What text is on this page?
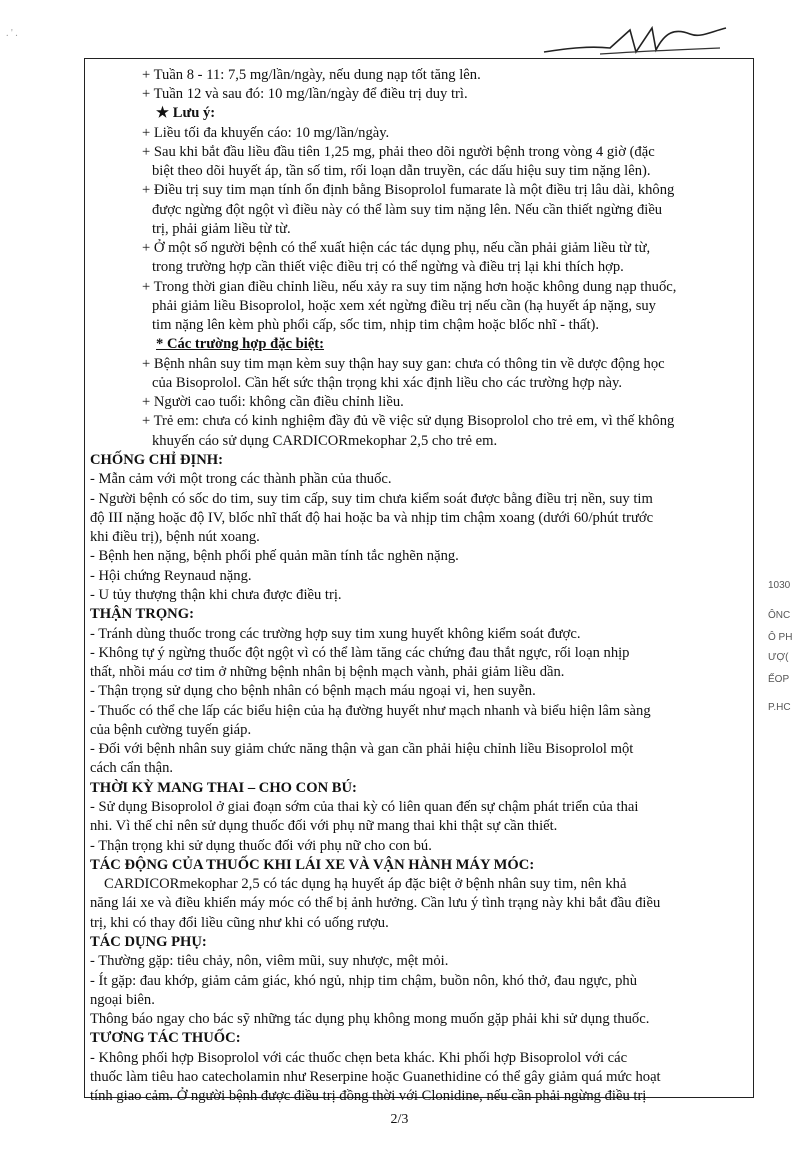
. ' .
+ Tuần 8 - 11: 7,5 mg/lần/ngày, nếu dung nạp tốt tăng lên.
+ Tuần 12 và sau đó: 10 mg/lần/ngày để điều trị duy trì.
★ Lưu ý:
+ Liều tối đa khuyến cáo: 10 mg/lần/ngày.
+ Sau khi bắt đầu liều đầu tiên 1,25 mg, phải theo dõi người bệnh trong vòng 4 giờ (đặc
biệt theo dõi huyết áp, tần số tim, rối loạn dẫn truyền, các dấu hiệu suy tim nặng lên).
+ Điều trị suy tim mạn tính ổn định bằng Bisoprolol fumarate là một điều trị lâu dài, không
được ngừng đột ngột vì điều này có thể làm suy tim nặng lên. Nếu cần thiết ngừng điều
trị, phải giảm liều từ từ.
+ Ở một số người bệnh có thể xuất hiện các tác dụng phụ, nếu cần phải giảm liều từ từ,
trong trường hợp cần thiết việc điều trị có thể ngừng và điều trị lại khi thích hợp.
+ Trong thời gian điều chỉnh liều, nếu xảy ra suy tim nặng hơn hoặc không dung nạp thuốc,
phải giảm liều Bisoprolol, hoặc xem xét ngừng điều trị nếu cần (hạ huyết áp nặng, suy
tim nặng lên kèm phù phổi cấp, sốc tim, nhịp tim chậm hoặc blốc nhĩ - thất).
* Các trường hợp đặc biệt:
+ Bệnh nhân suy tim mạn kèm suy thận hay suy gan: chưa có thông tin về dược động học
của Bisoprolol. Cần hết sức thận trọng khi xác định liều cho các trường hợp này.
+ Người cao tuổi: không cần điều chỉnh liều.
+ Trẻ em: chưa có kinh nghiệm đầy đủ về việc sử dụng Bisoprolol cho trẻ em, vì thế không
khuyến cáo sử dụng CARDICORmekophar 2,5 cho trẻ em.
CHỐNG CHỈ ĐỊNH:
- Mẫn cảm với một trong các thành phần của thuốc.
- Người bệnh có sốc do tim, suy tim cấp, suy tim chưa kiểm soát được bằng điều trị nền, suy tim
độ III nặng hoặc độ IV, blốc nhĩ thất độ hai hoặc ba và nhịp tim chậm xoang (dưới 60/phút trước
khi điều trị), bệnh nút xoang.
- Bệnh hen nặng, bệnh phổi phế quản mãn tính tắc nghẽn nặng.
- Hội chứng Reynaud nặng.
- U tủy thượng thận khi chưa được điều trị.
THẬN TRỌNG:
- Tránh dùng thuốc trong các trường hợp suy tim xung huyết không kiểm soát được.
- Không tự ý ngừng thuốc đột ngột vì có thể làm tăng các chứng đau thắt ngực, rối loạn nhịp
thất, nhồi máu cơ tim ở những bệnh nhân bị bệnh mạch vành, phải giảm liều dần.
- Thận trọng sử dụng cho bệnh nhân có bệnh mạch máu ngoại vi, hen suyễn.
- Thuốc có thể che lấp các biểu hiện của hạ đường huyết như mạch nhanh và biểu hiện lâm sàng
của bệnh cường tuyến giáp.
- Đối với bệnh nhân suy giảm chức năng thận và gan cần phải hiệu chỉnh liều Bisoprolol một
cách cẩn thận.
THỜI KỲ MANG THAI – CHO CON BÚ:
- Sử dụng Bisoprolol ở giai đoạn sớm của thai kỳ có liên quan đến sự chậm phát triển của thai
nhi. Vì thế chỉ nên sử dụng thuốc đối với phụ nữ mang thai khi thật sự cần thiết.
- Thận trọng khi sử dụng thuốc đối với phụ nữ cho con bú.
TÁC ĐỘNG CỦA THUỐC KHI LÁI XE VÀ VẬN HÀNH MÁY MÓC:
CARDICORmekophar 2,5 có tác dụng hạ huyết áp đặc biệt ở bệnh nhân suy tim, nên khả
năng lái xe và điều khiển máy móc có thể bị ảnh hưởng. Cần lưu ý tình trạng này khi bắt đầu điều
trị, khi có thay đổi liều cũng như khi có uống rượu.
TÁC DỤNG PHỤ:
- Thường gặp: tiêu chảy, nôn, viêm mũi, suy nhược, mệt mỏi.
- Ít gặp: đau khớp, giảm cảm giác, khó ngủ, nhịp tim chậm, buồn nôn, khó thở, đau ngực, phù
ngoại biên.
Thông báo ngay cho bác sỹ những tác dụng phụ không mong muốn gặp phải khi sử dụng thuốc.
TƯƠNG TÁC THUỐC:
- Không phối hợp Bisoprolol với các thuốc chẹn beta khác. Khi phối hợp Bisoprolol với các
thuốc làm tiêu hao catecholamin như Reserpine hoặc Guanethidine có thể gây giảm quá mức hoạt
tính giao cảm. Ở người bệnh được điều trị đồng thời với Clonidine, nếu cần phải ngừng điều trị
1030
ÔNC
Ô PH
ƯỢ(
ẾOP
P.HC
2/3
